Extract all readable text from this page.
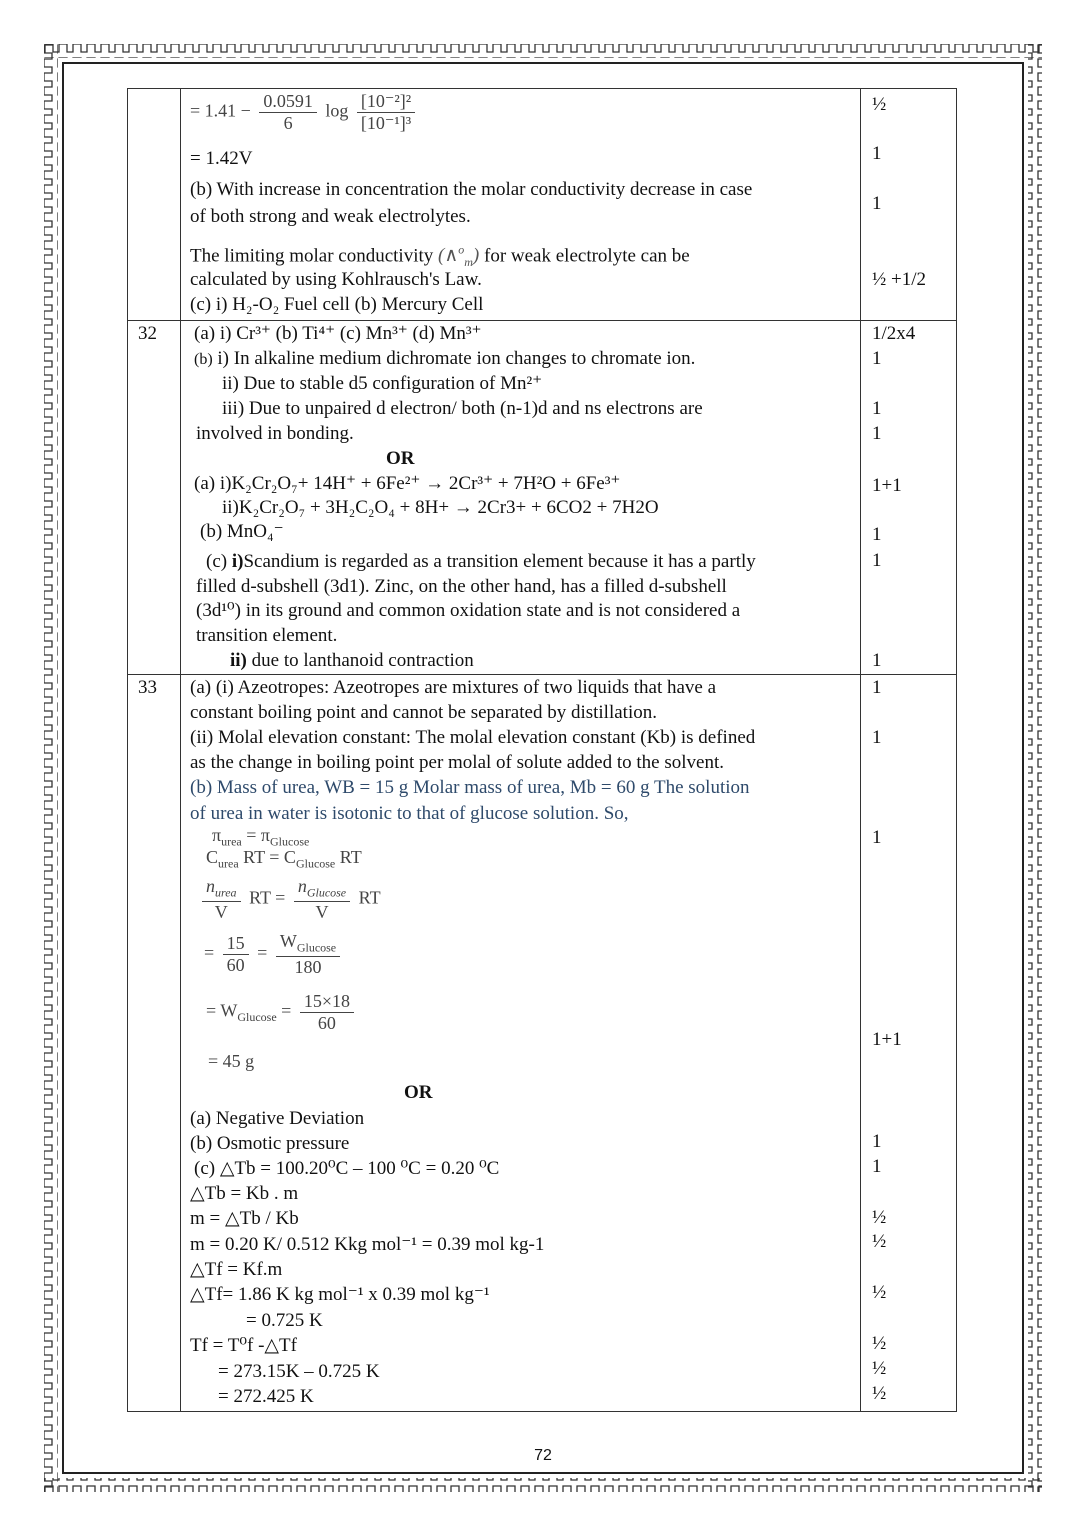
= $1.41 - \frac{0.0591}{6}$ $\log \frac{\text{[10⁻²]²}}{\text{[10⁻¹]³}}$
= 1.42V
(b) With increase in concentration the molar conductivity decrease in case
of both strong and weak electrolytes.
The limiting molar conductivity (∧$^o_m$) for weak electrolyte can be
calculated by using Kohlrausch's Law.
(c) i) H₂-O₂ Fuel cell (b) Mercury Cell
½
1
1
½ +1/2
32 (a) i) Cr³⁺ (b) Ti⁴⁺ (c) Mn³⁺ (d) Mn³⁺
(b) i) In alkaline medium dichromate ion changes to chromate ion.
ii) Due to stable d5 configuration of Mn²⁺
iii) Due to unpaired d electron/ both (n-1)d and ns electrons are
involved in bonding.
OR
(a) i)K₂Cr₂O₇+ 14H⁺ + 6Fe²⁺ → 2Cr³⁺ + 7H²O + 6Fe³⁺
ii)K₂Cr₂O₇ + 3H₂C₂O₄ + 8H+ → 2Cr3+ + 6CO2 + 7H2O
(b) MnO₄⁻
(c) i)Scandium is regarded as a transition element because it has a partly
filled d-subshell (3d1). Zinc, on the other hand, has a filled d-subshell
(3d¹⁰) in its ground and common oxidation state and is not considered a
transition element.
ii) due to lanthanoid contraction
1/2x4
1
1
1
1+1
1
1
1
33 (a) (i) Azeotropes: Azeotropes are mixtures of two liquids that have a
constant boiling point and cannot be separated by distillation.
(ii) Molal elevation constant: The molal elevation constant (Kb) is defined
as the change in boiling point per molal of solute added to the solvent.
(b) Mass of urea, WB = 15 g Molar mass of urea, Mb = 60 g The solution
of urea in water is isotonic to that of glucose solution. So,
$\pi_{urea} = \pi_{Glucose}$
$C_{urea}$ RT = $C_{Glucose}$ RT
$\frac{n_{urea}}{V}$ RT = $\frac{n_{Glucose}}{V}$ RT
= $\frac{15}{60} = \frac{W_{Glucose}}{180}$
= $W_{Glucose} = \frac{15\times 18}{60}$
= 45 g
OR
(a) Negative Deviation
(b) Osmotic pressure
(c) △Tb = 100.20⁰C – 100 ⁰C = 0.20 ⁰C
△Tb = Kb . m
m = △Tb / Kb
m = 0.20 K/ 0.512 Kkg mol⁻¹ = 0.39 mol kg-1
△Tf = Kf.m
△Tf= 1.86 K kg mol⁻¹ x 0.39 mol kg⁻¹
= 0.725 K
Tf = T⁰f -△Tf
= 273.15K – 0.725 K
= 272.425 K
1
1
1
1+1
1
1
½
½
½
½
½
½
72
